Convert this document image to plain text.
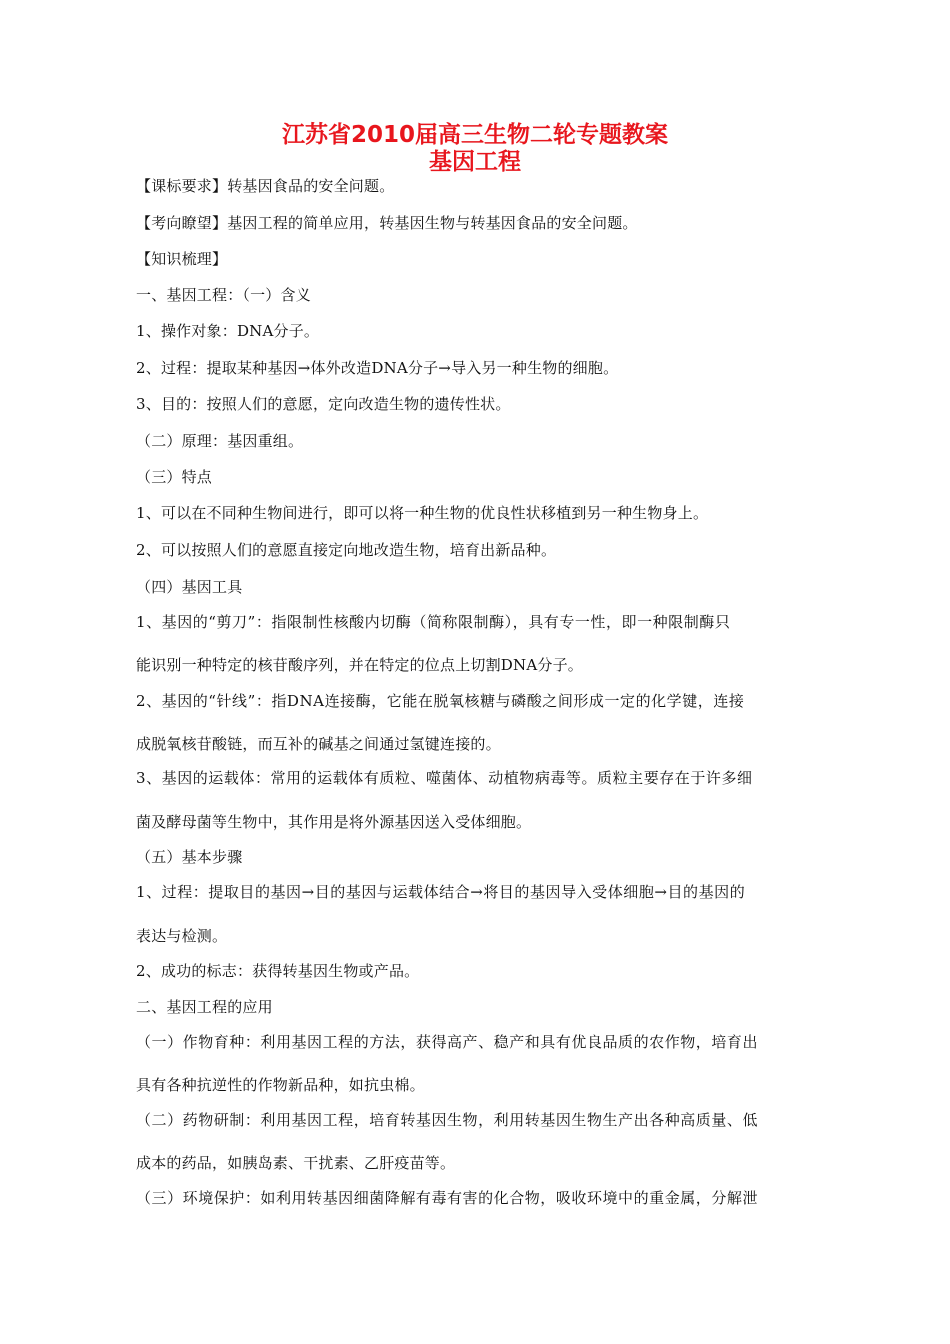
江苏省2010届高三生物二轮专题教案
基因工程
【课标要求】转基因食品的安全问题。
【考向瞭望】基因工程的简单应用，转基因生物与转基因食品的安全问题。
【知识梳理】
一、基因工程：（一）含义
1、操作对象：DNA分子。
2、过程：提取某种基因→体外改造DNA分子→导入另一种生物的细胞。
3、目的：按照人们的意愿，定向改造生物的遗传性状。
（二）原理：基因重组。
（三）特点
1、可以在不同种生物间进行，即可以将一种生物的优良性状移植到另一种生物身上。
2、可以按照人们的意愿直接定向地改造生物，培育出新品种。
（四）基因工具
1、基因的“剪刀”：指限制性核酸内切酶（简称限制酶），具有专一性，即一种限制酶只
能识别一种特定的核苷酸序列，并在特定的位点上切割DNA分子。
2、基因的“针线”：指DNA连接酶，它能在脱氧核糖与磷酸之间形成一定的化学键，连接
成脱氧核苷酸链，而互补的碱基之间通过氢键连接的。
3、基因的运载体：常用的运载体有质粒、噬菌体、动植物病毒等。质粒主要存在于许多细
菌及酵母菌等生物中，其作用是将外源基因送入受体细胞。
（五）基本步骤
1、过程：提取目的基因→目的基因与运载体结合→将目的基因导入受体细胞→目的基因的
表达与检测。
2、成功的标志：获得转基因生物或产品。
二、基因工程的应用
（一）作物育种：利用基因工程的方法，获得高产、稳产和具有优良品质的农作物，培育出
具有各种抗逆性的作物新品种，如抗虫棉。
（二）药物研制：利用基因工程，培育转基因生物，利用转基因生物生产出各种高质量、低
成本的药品，如胰岛素、干扰素、乙肝疫苗等。
（三）环境保护：如利用转基因细菌降解有毒有害的化合物，吸收环境中的重金属，分解泄
